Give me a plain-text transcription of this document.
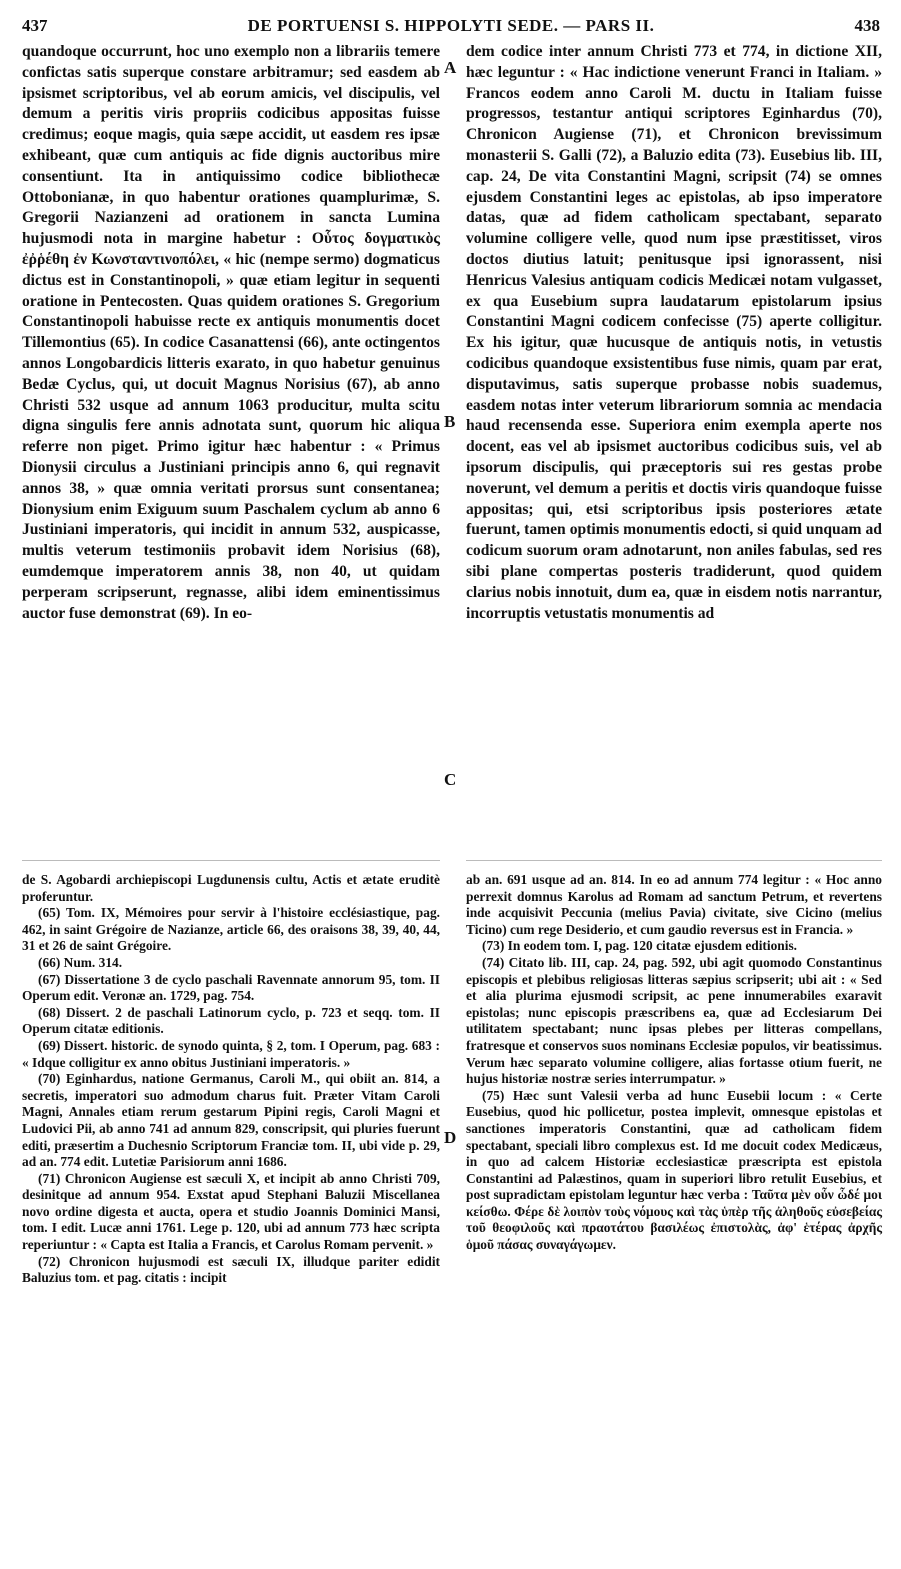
437	DE PORTUENSI S. HIPPOLYTI SEDE. — PARS II.	438

quandoque occurrunt, hoc uno exemplo non a librariis temere confictas satis superque constare arbitramur; sed easdem ab ipsismet scriptoribus, vel ab eorum amicis, vel discipulis, vel demum a peritis viris propriis codicibus appositas fuisse credimus; eoque magis, quia sæpe accidit, ut easdem res ipsæ exhibeant, quæ cum antiquis ac fide dignis auctoribus mire consentiunt. Ita in antiquissimo codice bibliothecæ Ottobonianæ, in quo habentur orationes quamplurimæ, S. Gregorii Nazianzeni ad orationem in sancta Lumina hujusmodi nota in margine habetur : Οὗτος δογματικὸς ἐῤῥέθη ἐν Κωνσταντινοπόλει, « hic (nempe sermo) dogmaticus dictus est in Constantinopoli, » quæ etiam legitur in sequenti oratione in Pentecosten. Quas quidem orationes S. Gregorium Constantinopoli habuisse recte ex antiquis monumentis docet Tillemontius (65). In codice Casanattensi (66), ante octingentos annos Longobardicis litteris exarato, in quo habetur genuinus Bedæ Cyclus, qui, ut docuit Magnus Norisius (67), ab anno Christi 532 usque ad annum 1063 producitur, multa scitu digna singulis fere annis adnotata sunt, quorum hic aliqua referre non piget. Primo igitur hæc habentur : « Primus Dionysii circulus a Justiniani principis anno 6, qui regnavit annos 38, » quæ omnia veritati prorsus sunt consentanea; Dionysium enim Exiguum suum Paschalem cyclum ab anno 6 Justiniani imperatoris, qui incidit in annum 532, auspicasse, multis veterum testimoniis probavit idem Norisius (68), eumdemque imperatorem annis 38, non 40, ut quidam perperam scripserunt, regnasse, alibi idem eminentissimus auctor fuse demonstrat (69). In eo-

A
B
C
D

dem codice inter annum Christi 773 et 774, in dictione XII, hæc leguntur : « Hac indictione venerunt Franci in Italiam. » Francos eodem anno Caroli M. ductu in Italiam fuisse progressos, testantur antiqui scriptores Eginhardus (70), Chronicon Augiense (71), et Chronicon brevissimum monasterii S. Galli (72), a Baluzio edita (73). Eusebius lib. III, cap. 24, De vita Constantini Magni, scripsit (74) se omnes ejusdem Constantini leges ac epistolas, ab ipso imperatore datas, quæ ad fidem catholicam spectabant, separato volumine colligere velle, quod num ipse præstitisset, viros doctos diutius latuit; penitusque ipsi ignorassent, nisi Henricus Valesius antiquam codicis Medicæi notam vulgasset, ex qua Eusebium supra laudatarum epistolarum ipsius Constantini Magni codicem confecisse (75) aperte colligitur. Ex his igitur, quæ hucusque de antiquis notis, in vetustis codicibus quandoque exsistentibus fuse nimis, quam par erat, disputavimus, satis superque probasse nobis suademus, easdem notas inter veterum librariorum somnia ac mendacia haud recensenda esse. Superiora enim exempla aperte nos docent, eas vel ab ipsismet auctoribus codicibus suis, vel ab ipsorum discipulis, qui præceptoris sui res gestas probe noverunt, vel demum a peritis et doctis viris quandoque fuisse appositas; qui, etsi scriptoribus ipsis posteriores ætate fuerunt, tamen optimis monumentis edocti, si quid unquam ad codicum suorum oram adnotarunt, non aniles fabulas, sed res sibi plane compertas posteris tradiderunt, quod quidem clarius nobis innotuit, dum ea, quæ in eisdem notis narrantur, incorruptis vetustatis monumentis ad

de S. Agobardi archiepiscopi Lugdunensis cultu, Actis et ætate eruditè proferuntur.

(65) Tom. IX, Mémoires pour servir à l'histoire ecclésiastique, pag. 462, in saint Grégoire de Nazianze, article 66, des oraisons 38, 39, 40, 44, 31 et 26 de saint Grégoire.

(66) Num. 314.

(67) Dissertatione 3 de cyclo paschali Ravennate annorum 95, tom. II Operum edit. Veronæ an. 1729, pag. 754.

(68) Dissert. 2 de paschali Latinorum cyclo, p. 723 et seqq. tom. II Operum citatæ editionis.

(69) Dissert. historic. de synodo quinta, § 2, tom. I Operum, pag. 683 : « Idque colligitur ex anno obitus Justiniani imperatoris. »

(70) Eginhardus, natione Germanus, Caroli M., qui obiit an. 814, a secretis, imperatori suo admodum charus fuit. Præter Vitam Caroli Magni, Annales etiam rerum gestarum Pipini regis, Caroli Magni et Ludovici Pii, ab anno 741 ad annum 829, conscripsit, qui pluries fuerunt editi, præsertim a Duchesnio Scriptorum Franciæ tom. II, ubi vide p. 29, ad an. 774 edit. Lutetiæ Parisiorum anni 1686.

(71) Chronicon Augiense est sæculi X, et incipit ab anno Christi 709, desinitque ad annum 954. Exstat apud Stephani Baluzii Miscellanea novo ordine digesta et aucta, opera et studio Joannis Dominici Mansi, tom. I edit. Lucæ anni 1761. Lege p. 120, ubi ad annum 773 hæc scripta reperiuntur : « Capta est Italia a Francis, et Carolus Romam pervenit. »

(72) Chronicon hujusmodi est sæculi IX, illudque pariter edidit Baluzius tom. et pag. citatis : incipit

ab an. 691 usque ad an. 814. In eo ad annum 774 legitur : « Hoc anno perrexit domnus Karolus ad Romam ad sanctum Petrum, et revertens inde acquisivit Peccunia (melius Pavia) civitate, sive Cicino (melius Ticino) cum rege Desiderio, et cum gaudio reversus est in Francia. »

(73) In eodem tom. I, pag. 120 citatæ ejusdem editionis.

(74) Citato lib. III, cap. 24, pag. 592, ubi agit quomodo Constantinus episcopis et plebibus religiosas litteras sæpius scripserit; ubi ait : « Sed et alia plurima ejusmodi scripsit, ac pene innumerabiles exaravit epistolas; nunc episcopis præscribens ea, quæ ad Ecclesiarum Dei utilitatem spectabant; nunc ipsas plebes per litteras compellans, fratresque et conservos suos nominans Ecclesiæ populos, vir beatissimus. Verum hæc separato volumine colligere, alias fortasse otium fuerit, ne hujus historiæ nostræ series interrumpatur. »

(75) Hæc sunt Valesii verba ad hunc Eusebii locum : « Certe Eusebius, quod hic pollicetur, postea implevit, omnesque epistolas et sanctiones imperatoris Constantini, quæ ad catholicam fidem spectabant, speciali libro complexus est. Id me docuit codex Medicæus, in quo ad calcem Historiæ ecclesiasticæ præscripta est epistola Constantini ad Palæstinos, quam in superiori libro retulit Eusebius, et post supradictam epistolam leguntur hæc verba : Ταῦτα μὲν οὖν ὧδέ μοι κείσθω. Φέρε δὲ λοιπὸν τοὺς νόμους καὶ τὰς ὑπὲρ τῆς ἀληθοῦς εὐσεβείας τοῦ θεοφιλοῦς καὶ πραοτάτου βασιλέως ἐπιστολὰς, ἀφ' ἑτέρας ἀρχῆς ὁμοῦ πάσας συναγάγωμεν.
